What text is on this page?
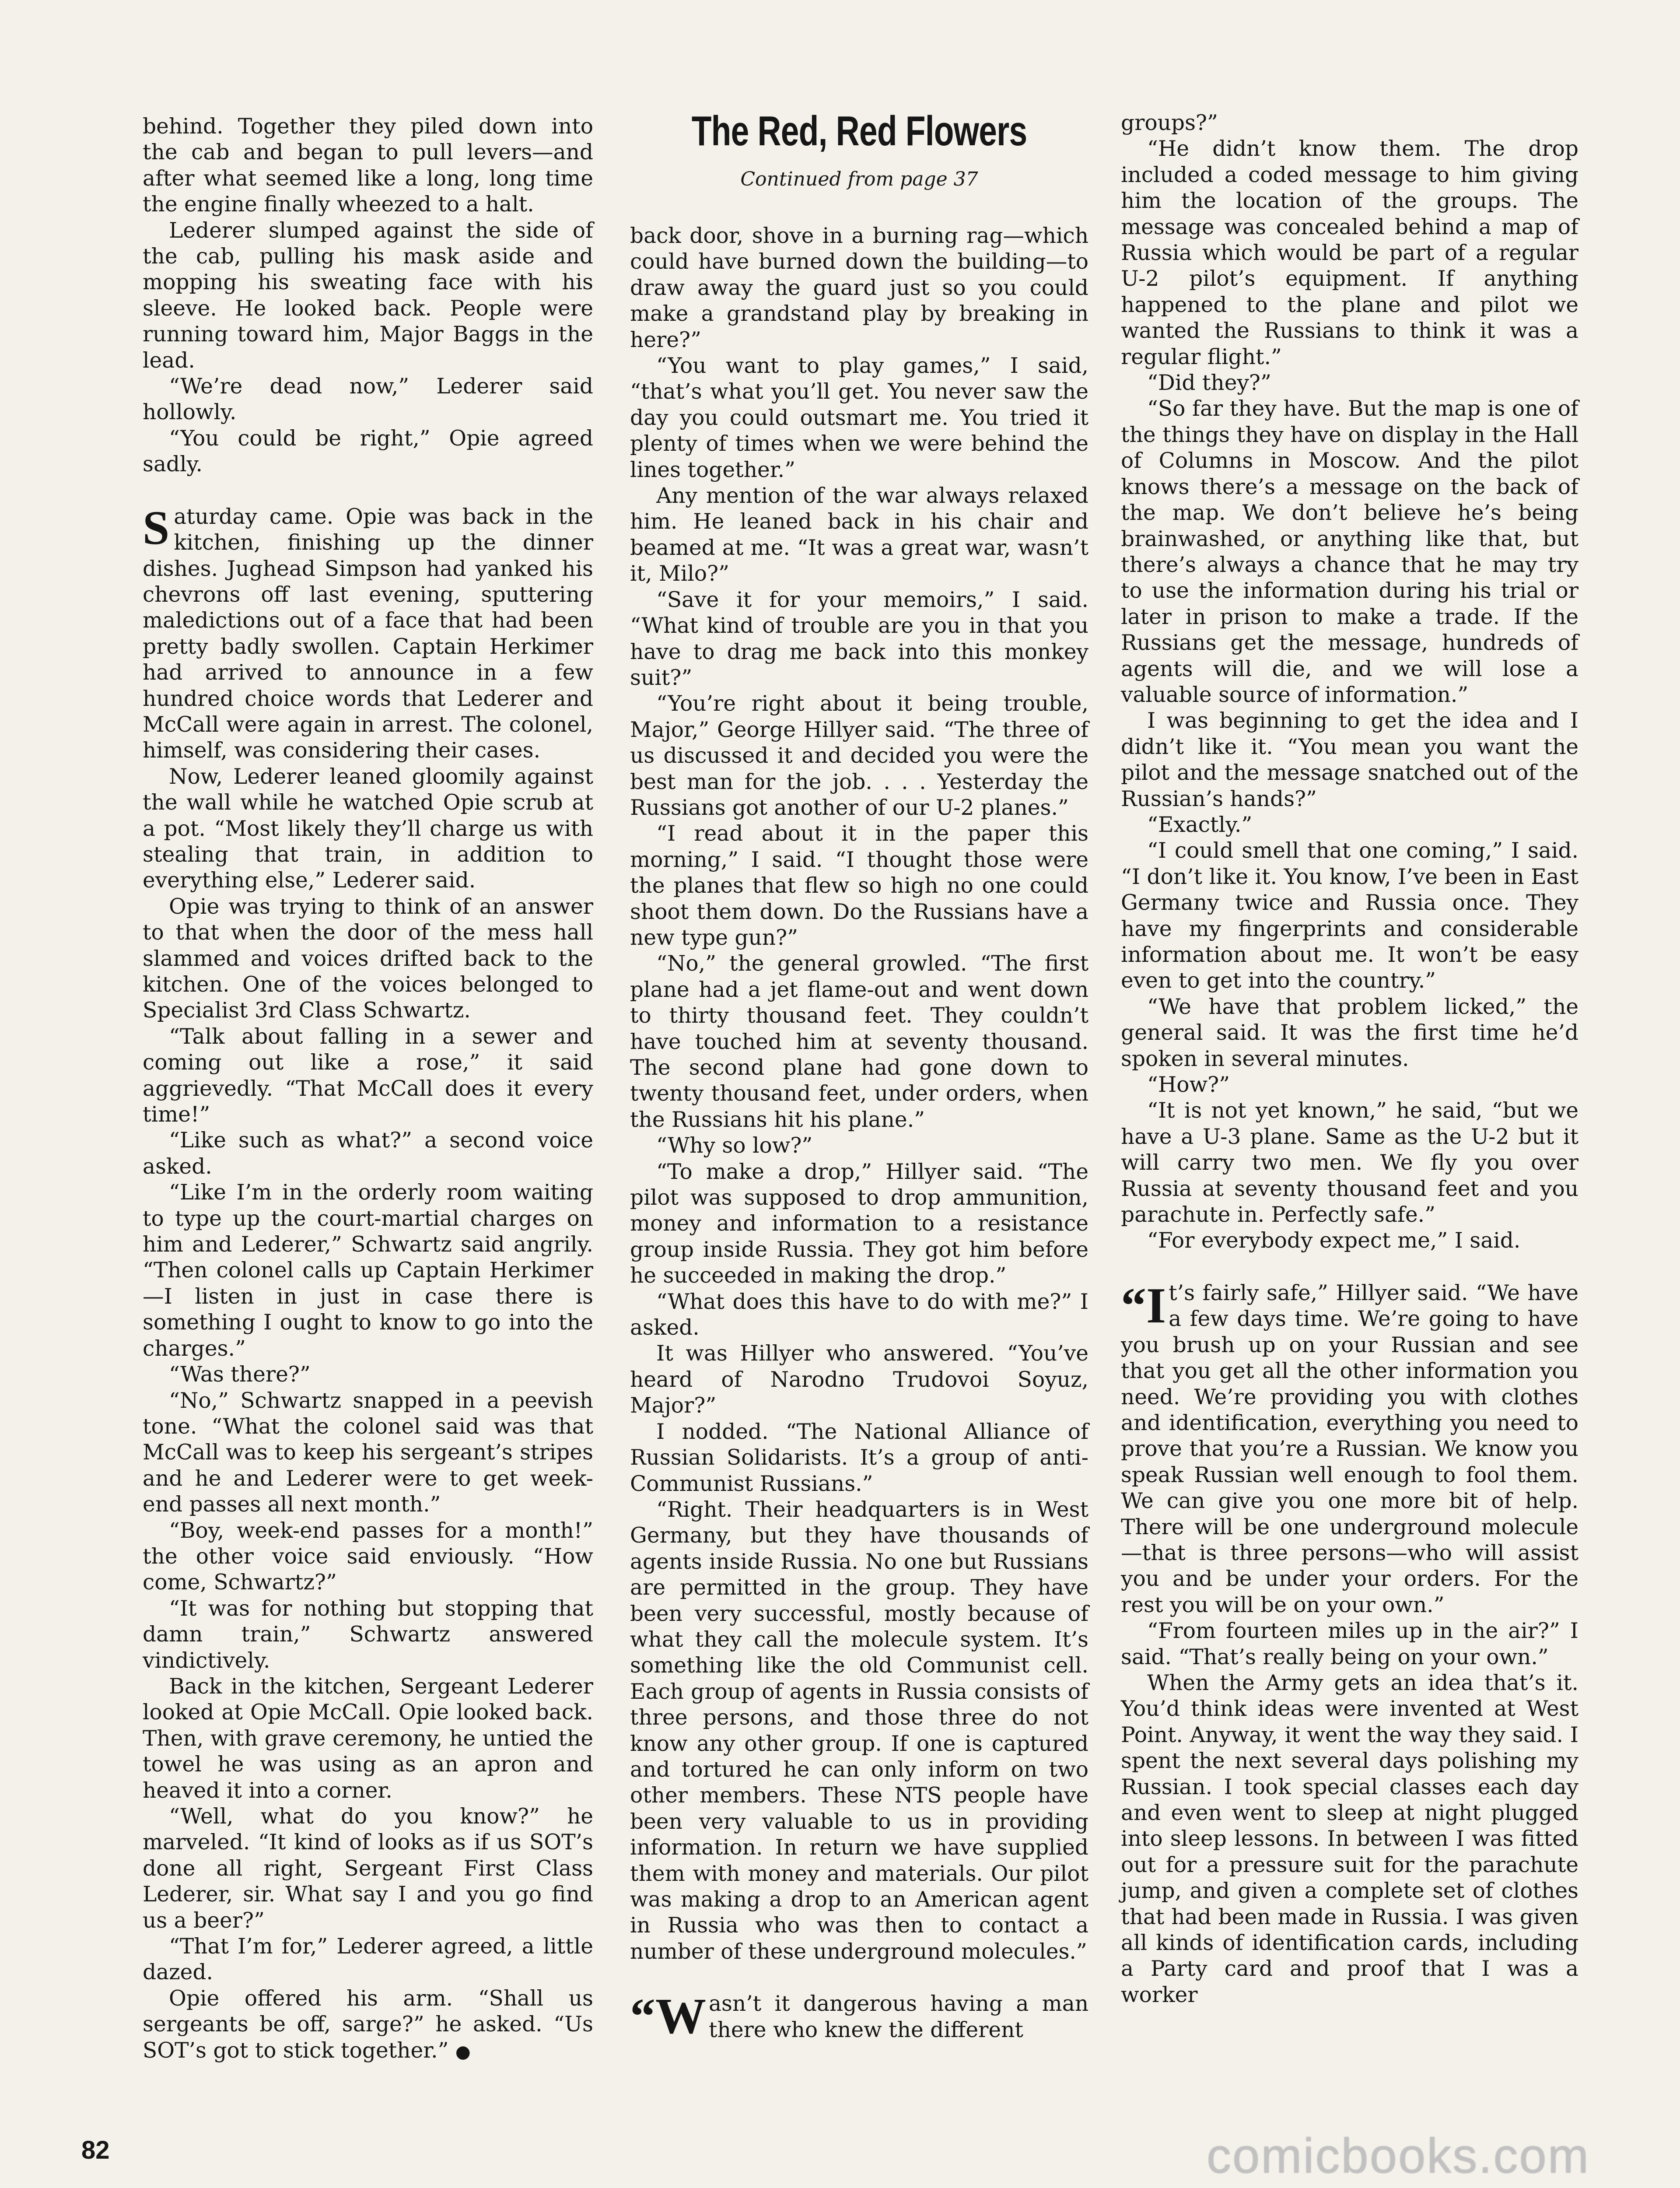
behind. Together they piled down into the cab and began to pull levers—and after what seemed like a long, long time the engine finally wheezed to a halt.

Lederer slumped against the side of the cab, pulling his mask aside and mopping his sweating face with his sleeve. He looked back. People were running toward him, Major Baggs in the lead.

“We’re dead now,” Lederer said hollowly.

“You could be right,” Opie agreed sadly.

Saturday came. Opie was back in the kitchen, finishing up the dinner dishes. Jughead Simpson had yanked his chevrons off last evening, sputtering maledictions out of a face that had been pretty badly swollen. Captain Herkimer had arrived to announce in a few hundred choice words that Lederer and McCall were again in arrest. The colonel, himself, was considering their cases.

Now, Lederer leaned gloomily against the wall while he watched Opie scrub at a pot. “Most likely they’ll charge us with stealing that train, in addition to everything else,” Lederer said.

Opie was trying to think of an answer to that when the door of the mess hall slammed and voices drifted back to the kitchen. One of the voices belonged to Specialist 3rd Class Schwartz.

“Talk about falling in a sewer and coming out like a rose,” it said aggrievedly. “That McCall does it every time!”

“Like such as what?” a second voice asked.

“Like I’m in the orderly room waiting to type up the court-martial charges on him and Lederer,” Schwartz said angrily. “Then colonel calls up Captain Herkimer—I listen in just in case there is something I ought to know to go into the charges.”

“Was there?”

“No,” Schwartz snapped in a peevish tone. “What the colonel said was that McCall was to keep his sergeant’s stripes and he and Lederer were to get week-end passes all next month.”

“Boy, week-end passes for a month!” the other voice said enviously. “How come, Schwartz?”

“It was for nothing but stopping that damn train,” Schwartz answered vindictively.

Back in the kitchen, Sergeant Lederer looked at Opie McCall. Opie looked back. Then, with grave ceremony, he untied the towel he was using as an apron and heaved it into a corner.

“Well, what do you know?” he marveled. “It kind of looks as if us SOT’s done all right, Sergeant First Class Lederer, sir. What say I and you go find us a beer?”

“That I’m for,” Lederer agreed, a little dazed.

Opie offered his arm. “Shall us sergeants be off, sarge?” he asked. “Us SOT’s got to stick together.” ●

The Red, Red Flowers
Continued from page 37

back door, shove in a burning rag—which could have burned down the building—to draw away the guard just so you could make a grandstand play by breaking in here?”

“You want to play games,” I said, “that’s what you’ll get. You never saw the day you could outsmart me. You tried it plenty of times when we were behind the lines together.”

Any mention of the war always relaxed him. He leaned back in his chair and beamed at me. “It was a great war, wasn’t it, Milo?”

“Save it for your memoirs,” I said. “What kind of trouble are you in that you have to drag me back into this monkey suit?”

“You’re right about it being trouble, Major,” George Hillyer said. “The three of us discussed it and decided you were the best man for the job. . . . Yesterday the Russians got another of our U-2 planes.”

“I read about it in the paper this morning,” I said. “I thought those were the planes that flew so high no one could shoot them down. Do the Russians have a new type gun?”

“No,” the general growled. “The first plane had a jet flame-out and went down to thirty thousand feet. They couldn’t have touched him at seventy thousand. The second plane had gone down to twenty thousand feet, under orders, when the Russians hit his plane.”

“Why so low?”

“To make a drop,” Hillyer said. “The pilot was supposed to drop ammunition, money and information to a resistance group inside Russia. They got him before he succeeded in making the drop.”

“What does this have to do with me?” I asked.

It was Hillyer who answered. “You’ve heard of Narodno Trudovoi Soyuz, Major?”

I nodded. “The National Alliance of Russian Solidarists. It’s a group of anti-Communist Russians.”

“Right. Their headquarters is in West Germany, but they have thousands of agents inside Russia. No one but Russians are permitted in the group. They have been very successful, mostly because of what they call the molecule system. It’s something like the old Communist cell. Each group of agents in Russia consists of three persons, and those three do not know any other group. If one is captured and tortured he can only inform on two other members. These NTS people have been very valuable to us in providing information. In return we have supplied them with money and materials. Our pilot was making a drop to an American agent in Russia who was then to contact a number of these underground molecules.”

“Wasn’t it dangerous having a man there who knew the different

groups?”

“He didn’t know them. The drop included a coded message to him giving him the location of the groups. The message was concealed behind a map of Russia which would be part of a regular U-2 pilot’s equipment. If anything happened to the plane and pilot we wanted the Russians to think it was a regular flight.”

“Did they?”

“So far they have. But the map is one of the things they have on display in the Hall of Columns in Moscow. And the pilot knows there’s a message on the back of the map. We don’t believe he’s being brainwashed, or anything like that, but there’s always a chance that he may try to use the information during his trial or later in prison to make a trade. If the Russians get the message, hundreds of agents will die, and we will lose a valuable source of information.”

I was beginning to get the idea and I didn’t like it. “You mean you want the pilot and the message snatched out of the Russian’s hands?”

“Exactly.”

“I could smell that one coming,” I said. “I don’t like it. You know, I’ve been in East Germany twice and Russia once. They have my fingerprints and considerable information about me. It won’t be easy even to get into the country.”

“We have that problem licked,” the general said. It was the first time he’d spoken in several minutes.

“How?”

“It is not yet known,” he said, “but we have a U-3 plane. Same as the U-2 but it will carry two men. We fly you over Russia at seventy thousand feet and you parachute in. Perfectly safe.”

“For everybody expect me,” I said.

“It’s fairly safe,” Hillyer said. “We have a few days time. We’re going to have you brush up on your Russian and see that you get all the other information you need. We’re providing you with clothes and identification, everything you need to prove that you’re a Russian. We know you speak Russian well enough to fool them. We can give you one more bit of help. There will be one underground molecule—that is three persons—who will assist you and be under your orders. For the rest you will be on your own.”

“From fourteen miles up in the air?” I said. “That’s really being on your own.”

When the Army gets an idea that’s it. You’d think ideas were invented at West Point. Anyway, it went the way they said. I spent the next several days polishing my Russian. I took special classes each day and even went to sleep at night plugged into sleep lessons. In between I was fitted out for a pressure suit for the parachute jump, and given a complete set of clothes that had been made in Russia. I was given all kinds of identification cards, including a Party card and proof that I was a worker

82	comicbooks.com
